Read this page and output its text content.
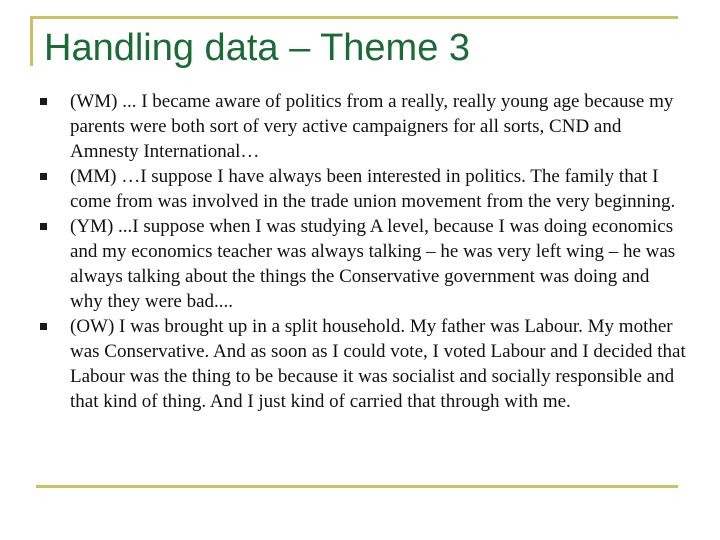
Handling data – Theme 3
(WM) ... I became aware of politics from a really, really young age because my parents were both sort of very active campaigners for all sorts, CND and Amnesty International…
(MM) …I suppose I have always been interested in politics. The family that I come from was involved in the trade union movement from the very beginning.
(YM) ...I suppose when I was studying A level, because I was doing economics and my economics teacher was always talking – he was very left wing – he was always talking about the things the Conservative government was doing and why they were bad....
(OW) I was brought up in a split household. My father was Labour. My mother was Conservative. And as soon as I could vote, I voted Labour and I decided that Labour was the thing to be because it was socialist and socially responsible and that kind of thing. And I just kind of carried that through with me.
